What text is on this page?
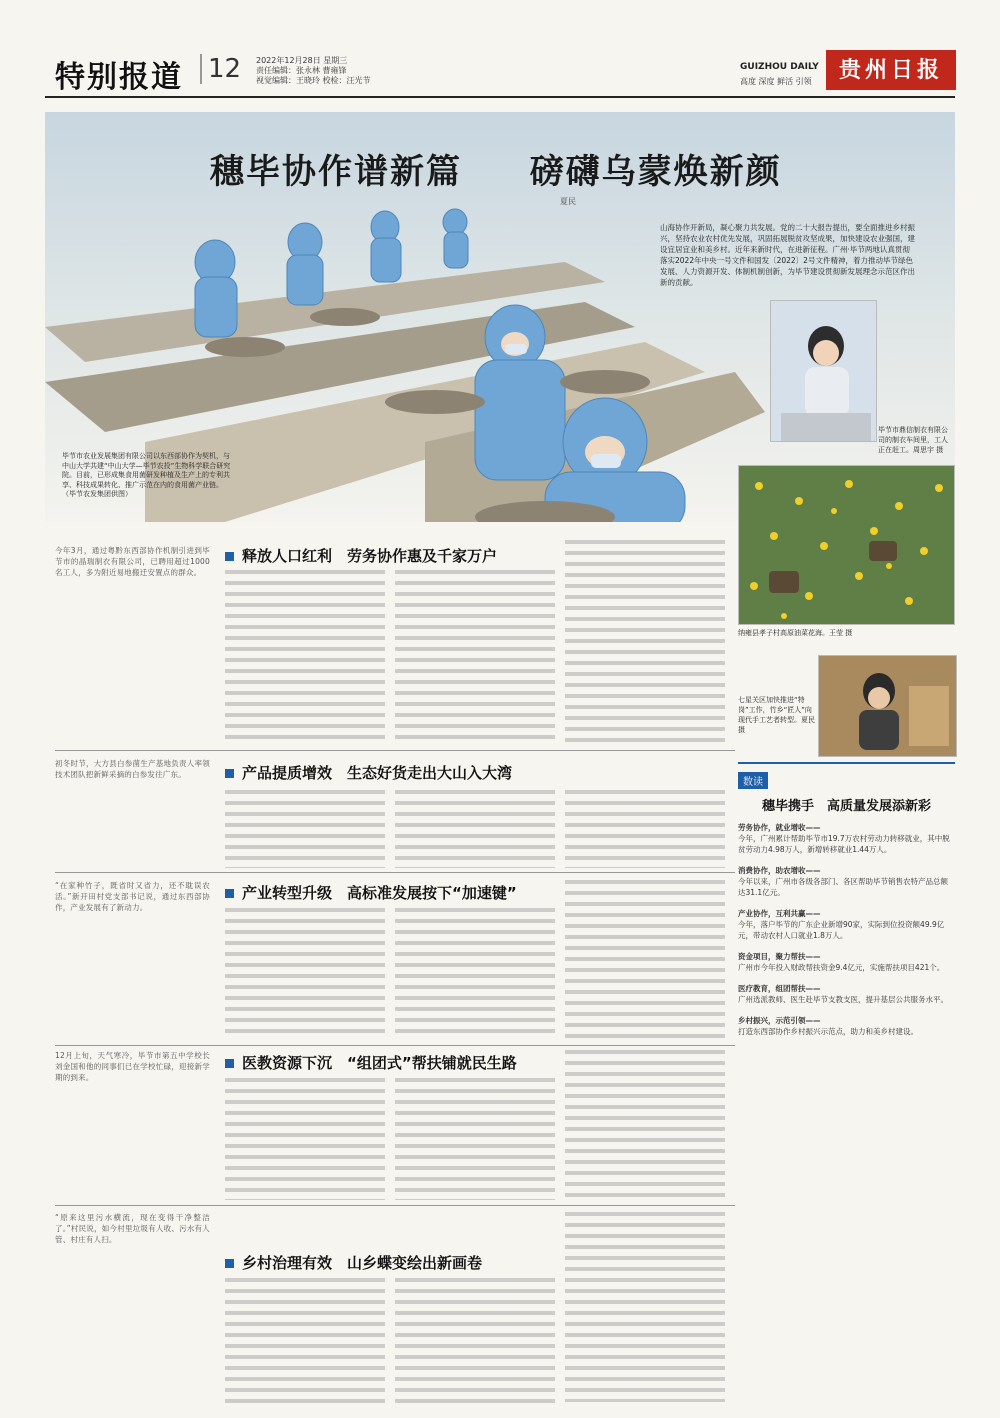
特别报道 12 2022年12月28日 星期三
责任编辑：张永林 曹雍锋
视觉编辑：王晓玲 校检：汪光节
GUIZHOU DAILY
高度 深度 鲜活 引领	贵州日报
穗毕协作谱新篇 磅礴乌蒙焕新颜
夏民
山海协作开新局，凝心聚力共发展。党的二十大报告提出，要全面推进乡村振兴，坚持农业农村优先发展，巩固拓展脱贫攻坚成果，加快建设农业强国，建设宜居宜业和美乡村。近年来新时代，在进新征程。广州·毕节两地认真贯彻落实2022年中央一号文件和国发〔2022〕2号文件精神，着力推动毕节绿色发展、人力资源开发、体制机制创新，为毕节建设贯彻新发展理念示范区作出新的贡献。
毕节市农业发展集团有限公司以东西部协作为契机，与中山大学共建“中山大学—毕节农投”生物科学联合研究院。目前，已形成集食用菌研发种植及生产上的专利共享、科技成果转化、推广示范在内的食用菌产业链。（毕节农发集团供图）
毕节市鼎信制衣有限公司的制衣车间里，工人正在赶工。周思宇 摄
纳雍县孝子村高原油菜花海。王莹 摄
七星关区加快推进“特岗”工作，竹乡“匠人”向现代手工艺者转型。夏民 摄
今年3月，通过粤黔东西部协作机制引进到毕节市的晶瑞制衣有限公司，已聘用超过1000名工人，多为附近易地搬迁安置点的群众。
释放人口红利　劳务协作惠及千家万户
初冬时节，大方县白参菌生产基地负责人率领技术团队把新鲜采摘的白参发往广东。	产品提质增效　生态好货走出大山入大湾
“在家种竹子，既省时又省力，还不耽误农活。”新开田村党支部书记说，通过东西部协作，产业发展有了新动力。
产业转型升级　高标准发展按下“加速键”
12月上旬，天气寒冷，毕节市第五中学校长刘金国和他的同事们已在学校忙碌，迎接新学期的到来。
医教资源下沉　“组团式”帮扶铺就民生路
“原来这里污水横流，现在变得干净整洁了。”村民说，如今村里垃圾有人收、污水有人管、村庄有人扫。
乡村治理有效　山乡蝶变绘出新画卷
数读
穗毕携手　高质量发展添新彩
劳务协作，就业增收——
今年，广州累计帮助毕节市19.7万农村劳动力转移就业，其中脱贫劳动力4.98万人，新增转移就业1.44万人。
消费协作，助农增收——
今年以来，广州市各级各部门、各区帮助毕节销售农特产品总额达31.1亿元。
产业协作，互利共赢——
今年，落户毕节的广东企业新增90家，实际到位投资额49.9亿元，带动农村人口就业1.8万人。
资金项目，聚力帮扶——
广州市今年投入财政帮扶资金9.4亿元，实施帮扶项目421个。
医疗教育，组团帮扶——
广州选派教师、医生赴毕节支教支医，提升基层公共服务水平。
乡村振兴，示范引领——
打造东西部协作乡村振兴示范点，助力和美乡村建设。
